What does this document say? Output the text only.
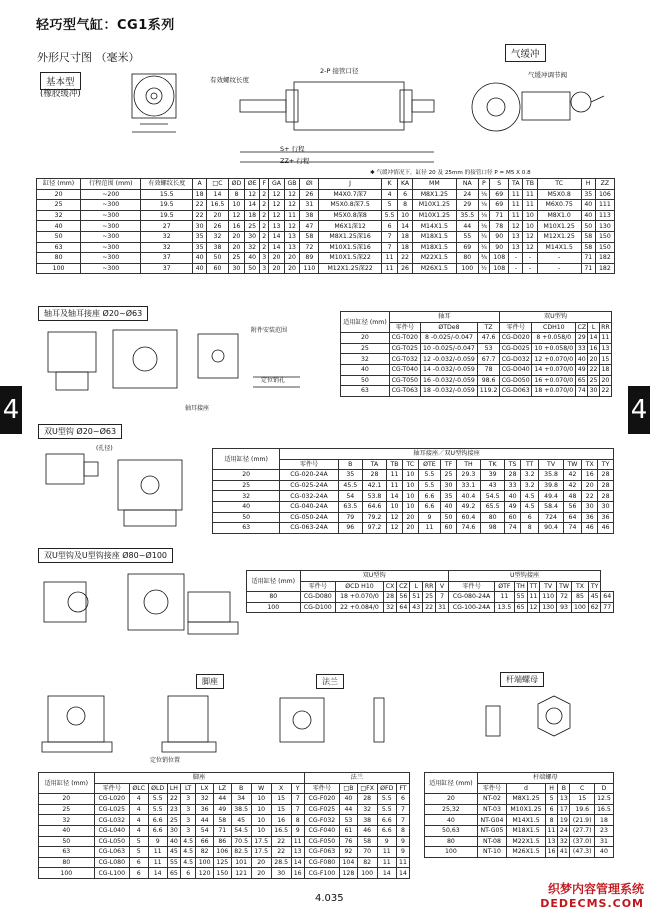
轻巧型气缸：CG1系列
外形尺寸图 （毫米）
基本型
(橡胶缓冲)
气缓冲
气缓冲调节阀
4	4
有效螺纹长度
S+ 行程
ZZ+ 行程
2-P 接管口径
✱ 气缓冲情况下，缸径 20 及 25mm 的接管口径 P = M5 X 0.8
缸径 (mm)	行程范围 (mm)	有效螺纹长度	A	□C	ØD	ØE	F	GA	GB	ØI	J	K	KA	MM	NA	P	S	TA	TB	TC	H	ZZ
20	~200	15.5	18	14	8	12	2	12	12	26	M4X0.7深7	4	6	M8X1.25	24	⅛	69	11	11	M5X0.8	35	106
25	~300	19.5	22	16.5	10	14	2	12	12	31	M5X0.8深7.5	5	8	M10X1.25	29	⅛	69	11	11	M6X0.75	40	111
32	~300	19.5	22	20	12	18	2	12	11	38	M5X0.8深8	5.5	10	M10X1.25	35.5	⅛	71	11	10	M8X1.0	40	113
40	~300	27	30	26	16	25	2	13	12	47	M6X1深12	6	14	M14X1.5	44	⅛	78	12	10	M10X1.25	50	130
50	~300	32	35	32	20	30	2	14	13	58	M8X1.25深16	7	18	M18X1.5	55	¼	90	13	12	M12X1.25	58	150
63	~300	32	35	38	20	32	2	14	13	72	M10X1.5深16	7	18	M18X1.5	69	¼	90	13	12	M14X1.5	58	150
80	~300	37	40	50	25	40	3	20	20	89	M10X1.5深22	11	22	M22X1.5	80	⅜	108	-	-	-	71	182
100	~300	37	40	60	30	50	3	20	20	110	M12X1.25深22	11	26	M26X1.5	100	½	108	-	-	-	71	182
轴耳及轴耳接座 Ø20~Ø63
附件安装范围
定位销孔
轴耳接座
适用缸径 (mm)	轴耳			双U型钩				
	零件号	ØTDe8	TZ	零件号	CDH10	CZ	L	RR
20	CG-T020	8 -0.025/-0.047	47.6	CG-D020	8 +0.058/0	29	14	11
25	CG-T025	10 -0.025/-0.047	53	CG-D025	10 +0.058/0	33	16	13
32	CG-T032	12 -0.032/-0.059	67.7	CG-D032	12 +0.070/0	40	20	15
40	CG-T040	14 -0.032/-0.059	78	CG-D040	14 +0.070/0	49	22	18
50	CG-T050	16 -0.032/-0.059	98.6	CG-D050	16 +0.070/0	65	25	20
63	CG-T063	18 -0.032/-0.059	119.2	CG-D063	18 +0.070/0	74	30	22
双U型钩 Ø20~Ø63
(孔径)
适用缸径 (mm)	轴耳接座／双U型钩接座														
	零件号	B	TA	TB	TC	ØTE	TF	TH	TK	TS	TT	TV	TW	TX	TY
20	CG-020-24A	35	28	11	10	5.5	25	29.3	39	28	3.2	35.8	42	16	28
25	CG-025-24A	45.5	42.1	11	10	5.5	30	33.1	43	33	3.2	39.8	42	20	28
32	CG-032-24A	54	53.8	14	10	6.6	35	40.4	54.5	40	4.5	49.4	48	22	28
40	CG-040-24A	63.5	64.6	10	10	6.6	40	49.2	65.5	49	4.5	58.4	56	30	30
50	CG-050-24A	79	79.2	12	20	9	50	60.4	80	60	6	724	64	36	36
63	CG-063-24A	96	97.2	12	20	11	60	74.6	98	74	8	90.4	74	46	46
双U型钩及U型钩接座 Ø80~Ø100
适用缸径 (mm)	双U型钩							U型钩接座								
	零件号	ØCD H10	CX	CZ	L	RR	V	零件号	ØTF	TH	TT	TV	TW	TX	TY	
80	CG-D080	18 +0.070/0	28	56	51	25	7	CG-080-24A	11	55	11	110	72	85	45	64
100	CG-D100	22 +0.084/0	32	64	43	22	31	CG-100-24A	13.5	65	12	130	93	100	62	77
脚座	法兰	杆端螺母
定位销位置
适用缸径 (mm)	脚座											法兰				
	零件号	ØLC	ØLD	LH	LT	LX	LZ	B	W	X	Y	零件号	□B	□FX	ØFD	FT
20	CG-L020	4	5.5	22	3	32	44	34	10	15	7	CG-F020	40	28	5.5	6
25	CG-L025	4	5.5	23	3	36	49	38.5	10	15	7	CG-F025	44	32	5.5	7
32	CG-L032	4	6.6	25	3	44	58	45	10	16	8	CG-F032	53	38	6.6	7
40	CG-L040	4	6.6	30	3	54	71	54.5	10	16.5	9	CG-F040	61	46	6.6	8
50	CG-L050	5	9	40	4.5	66	86	70.5	17.5	22	11	CG-F050	76	58	9	9
63	CG-L063	5	11	45	4.5	82	106	82.5	17.5	22	13	CG-F063	92	70	11	9
80	CG-L080	6	11	55	4.5	100	125	101	20	28.5	14	CG-F080	104	82	11	11
100	CG-L100	6	14	65	6	120	150	121	20	30	16	CG-F100	128	100	14	14
适用缸径 (mm)	杆端螺母					
	零件号	d	H	B	C	D
20	NT-02	M8X1.25	5	13	15	12.5
25,32	NT-03	M10X1.25	6	17	19.6	16.5
40	NT-G04	M14X1.5	8	19	(21.9)	18
50,63	NT-G05	M18X1.5	11	24	(27.7)	23
80	NT-08	M22X1.5	13	32	(37.0)	31
100	NT-10	M26X1.5	16	41	(47.3)	40
4.035
织梦内容管理系统
DEDECMS.COM
